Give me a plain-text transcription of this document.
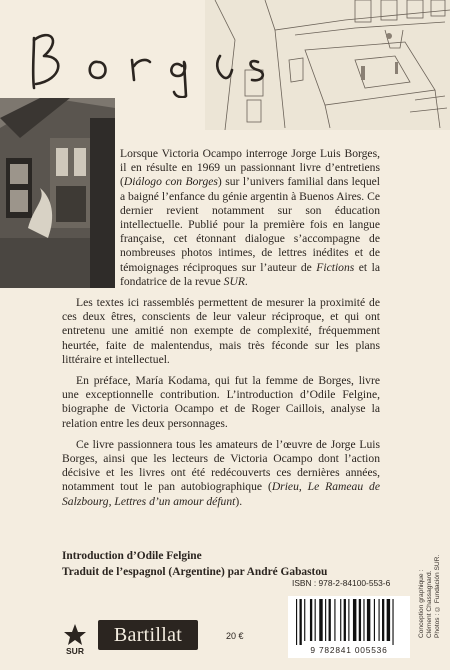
Lorsque Victoria Ocampo interroge Jorge Luis Borges, il en résulte en 1969 un passionnant livre d’entretiens (Diálogo con Borges) sur l’univers familial dans lequel a baigné l’enfance du génie argentin à Buenos Aires. Ce dernier revient notamment sur son éducation intellectuelle. Publié pour la première fois en langue française, cet étonnant dialogue s’accompagne de nombreuses photos intimes, de lettres inédites et de témoignages réciproques sur l’auteur de Fictions et la fondatrice de la revue SUR.

Les textes ici rassemblés permettent de mesurer la proximité de ces deux êtres, conscients de leur valeur réciproque, et qui ont entretenu une amitié non exempte de complexité, fréquemment heurtée, faite de malentendus, mais très féconde sur les plans littéraire et intellectuel.

En préface, María Kodama, qui fut la femme de Borges, livre une exceptionnelle contribution. L’introduction d’Odile Felgine, biographe de Victoria Ocampo et de Roger Caillois, analyse la relation entre les deux personnages.

Ce livre passionnera tous les amateurs de l’œuvre de Jorge Luis Borges, ainsi que les lecteurs de Victoria Ocampo dont l’action décisive et les livres ont été redécouverts ces dernières années, notamment tout le pan autobiographique (Drieu, Le Rameau de Salzbourg, Lettres d’un amour défunt).

Introduction d’Odile Felgine
Traduit de l’espagnol (Argentine) par André Gabastou	Conception graphique : Clément Chassagnard. Photos : © Fundación SUR.
SUR
Bartillat	20 €
ISBN : 978-2-84100-553-6
9 782841 005536
